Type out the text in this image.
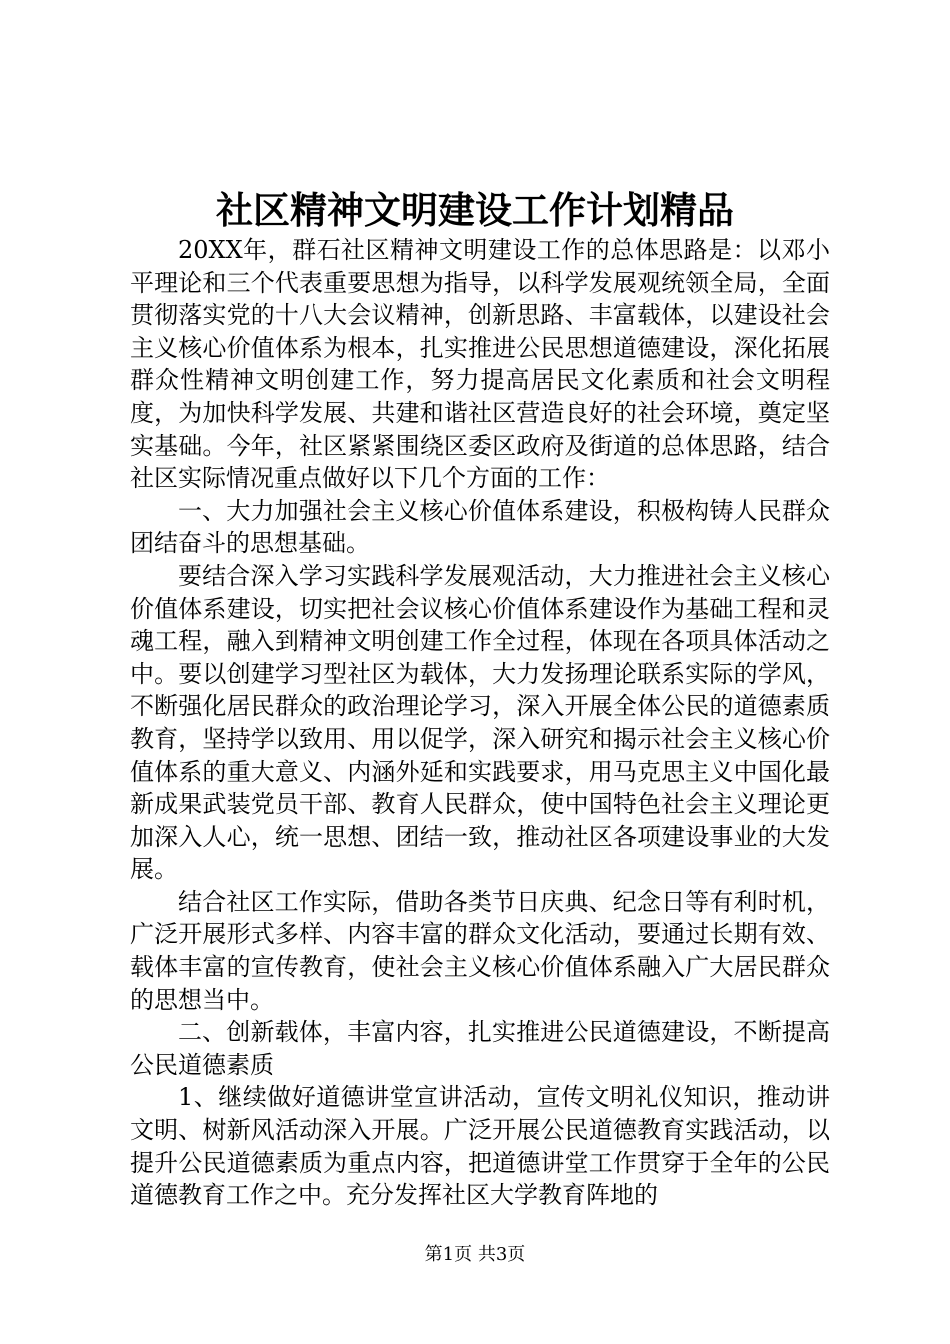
社区精神文明建设工作计划精品

20XX年，群石社区精神文明建设工作的总体思路是：以邓小平理论和三个代表重要思想为指导，以科学发展观统领全局，全面贯彻落实党的十八大会议精神，创新思路、丰富载体，以建设社会主义核心价值体系为根本，扎实推进公民思想道德建设，深化拓展群众性精神文明创建工作，努力提高居民文化素质和社会文明程度，为加快科学发展、共建和谐社区营造良好的社会环境，奠定坚实基础。今年，社区紧紧围绕区委区政府及街道的总体思路，结合社区实际情况重点做好以下几个方面的工作：

一、大力加强社会主义核心价值体系建设，积极构铸人民群众团结奋斗的思想基础。

要结合深入学习实践科学发展观活动，大力推进社会主义核心价值体系建设，切实把社会议核心价值体系建设作为基础工程和灵魂工程，融入到精神文明创建工作全过程，体现在各项具体活动之中。要以创建学习型社区为载体，大力发扬理论联系实际的学风，不断强化居民群众的政治理论学习，深入开展全体公民的道德素质教育，坚持学以致用、用以促学，深入研究和揭示社会主义核心价值体系的重大意义、内涵外延和实践要求，用马克思主义中国化最新成果武装党员干部、教育人民群众，使中国特色社会主义理论更加深入人心，统一思想、团结一致，推动社区各项建设事业的大发展。

结合社区工作实际，借助各类节日庆典、纪念日等有利时机，广泛开展形式多样、内容丰富的群众文化活动，要通过长期有效、载体丰富的宣传教育，使社会主义核心价值体系融入广大居民群众的思想当中。

二、创新载体，丰富内容，扎实推进公民道德建设，不断提高公民道德素质

1、继续做好道德讲堂宣讲活动，宣传文明礼仪知识，推动讲文明、树新风活动深入开展。广泛开展公民道德教育实践活动，以提升公民道德素质为重点内容，把道德讲堂工作贯穿于全年的公民道德教育工作之中。充分发挥社区大学教育阵地的

第1页 共3页
